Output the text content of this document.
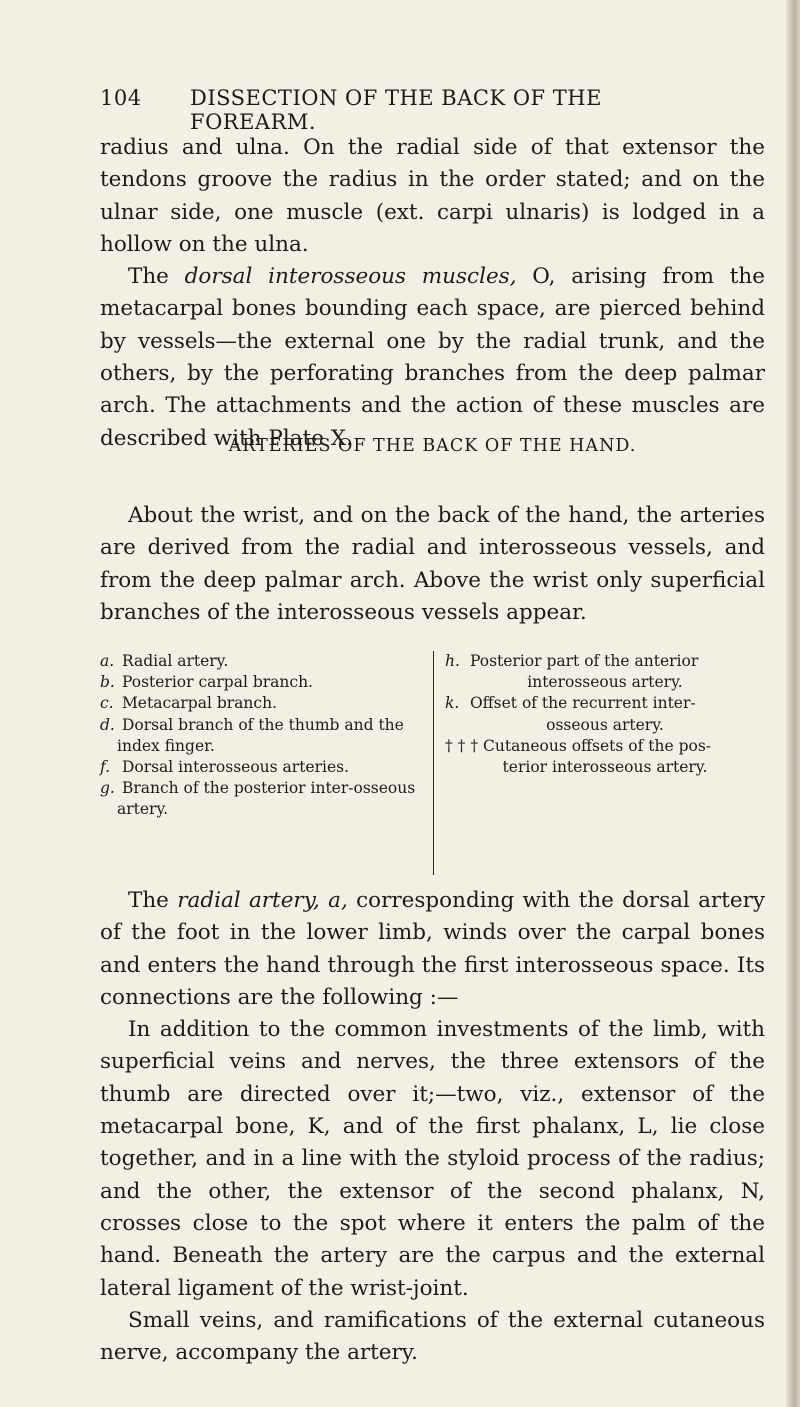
104 DISSECTION OF THE BACK OF THE FOREARM.

radius and ulna. On the radial side of that extensor the tendons groove the radius in the order stated; and on the ulnar side, one muscle (ext. carpi ulnaris) is lodged in a hollow on the ulna.

The dorsal interosseous muscles, O, arising from the metacarpal bones bounding each space, are pierced behind by vessels—the external one by the radial trunk, and the others, by the perforating branches from the deep palmar arch. The attachments and the action of these muscles are described with Plate X.

ARTERIES OF THE BACK OF THE HAND.

About the wrist, and on the back of the hand, the arteries are derived from the radial and interosseous vessels, and from the deep palmar arch. Above the wrist only superficial branches of the interosseous vessels appear.

a. Radial artery.
b. Posterior carpal branch.
c. Metacarpal branch.
d. Dorsal branch of the thumb and the index finger.
f. Dorsal interosseous arteries.
g. Branch of the posterior inter-osseous artery.
h. Posterior part of the anterior
interosseous artery.
k. Offset of the recurrent inter-
osseous artery.
† † † Cutaneous offsets of the pos-
terior interosseous artery.

The radial artery, a, corresponding with the dorsal artery of the foot in the lower limb, winds over the carpal bones and enters the hand through the first interosseous space. Its connections are the following :—

In addition to the common investments of the limb, with superficial veins and nerves, the three extensors of the thumb are directed over it;—two, viz., extensor of the metacarpal bone, K, and of the first phalanx, L, lie close together, and in a line with the styloid process of the radius; and the other, the extensor of the second phalanx, N, crosses close to the spot where it enters the palm of the hand. Beneath the artery are the carpus and the external lateral ligament of the wrist-joint.

Small veins, and ramifications of the external cutaneous nerve, accompany the artery.
